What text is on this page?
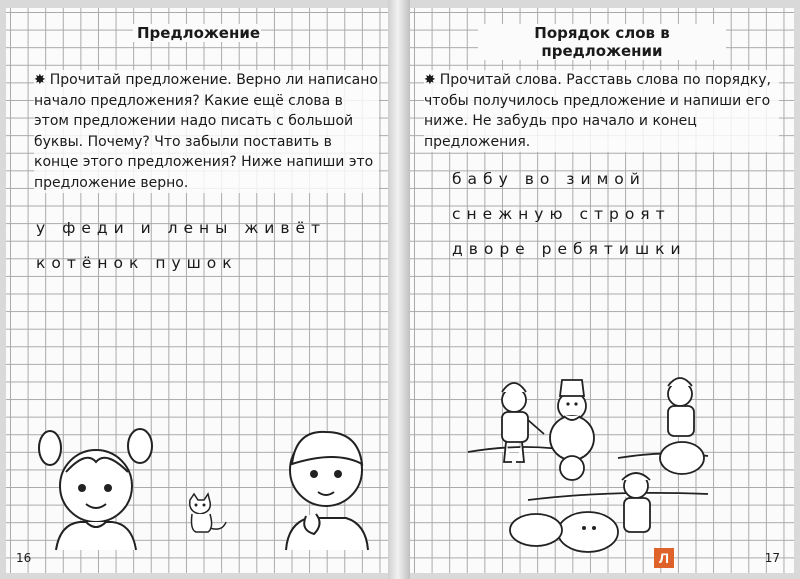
Предложение
✸ Прочитай предложение. Верно ли написано начало предложения? Какие ещё слова в этом предложении надо писать с большой буквы. Почему? Что забыли поставить в конце этого предложения? Ниже напиши это предложение верно.
у феди и лены живёт
котёнок пушок
16
Порядок слов в предложении
✸ Прочитай слова. Расставь слова по порядку, чтобы получилось предложение и напиши его ниже. Не забудь про начало и конец предложения.
бабу во зимой
снежную строят
дворе ребятишки
17
Л
